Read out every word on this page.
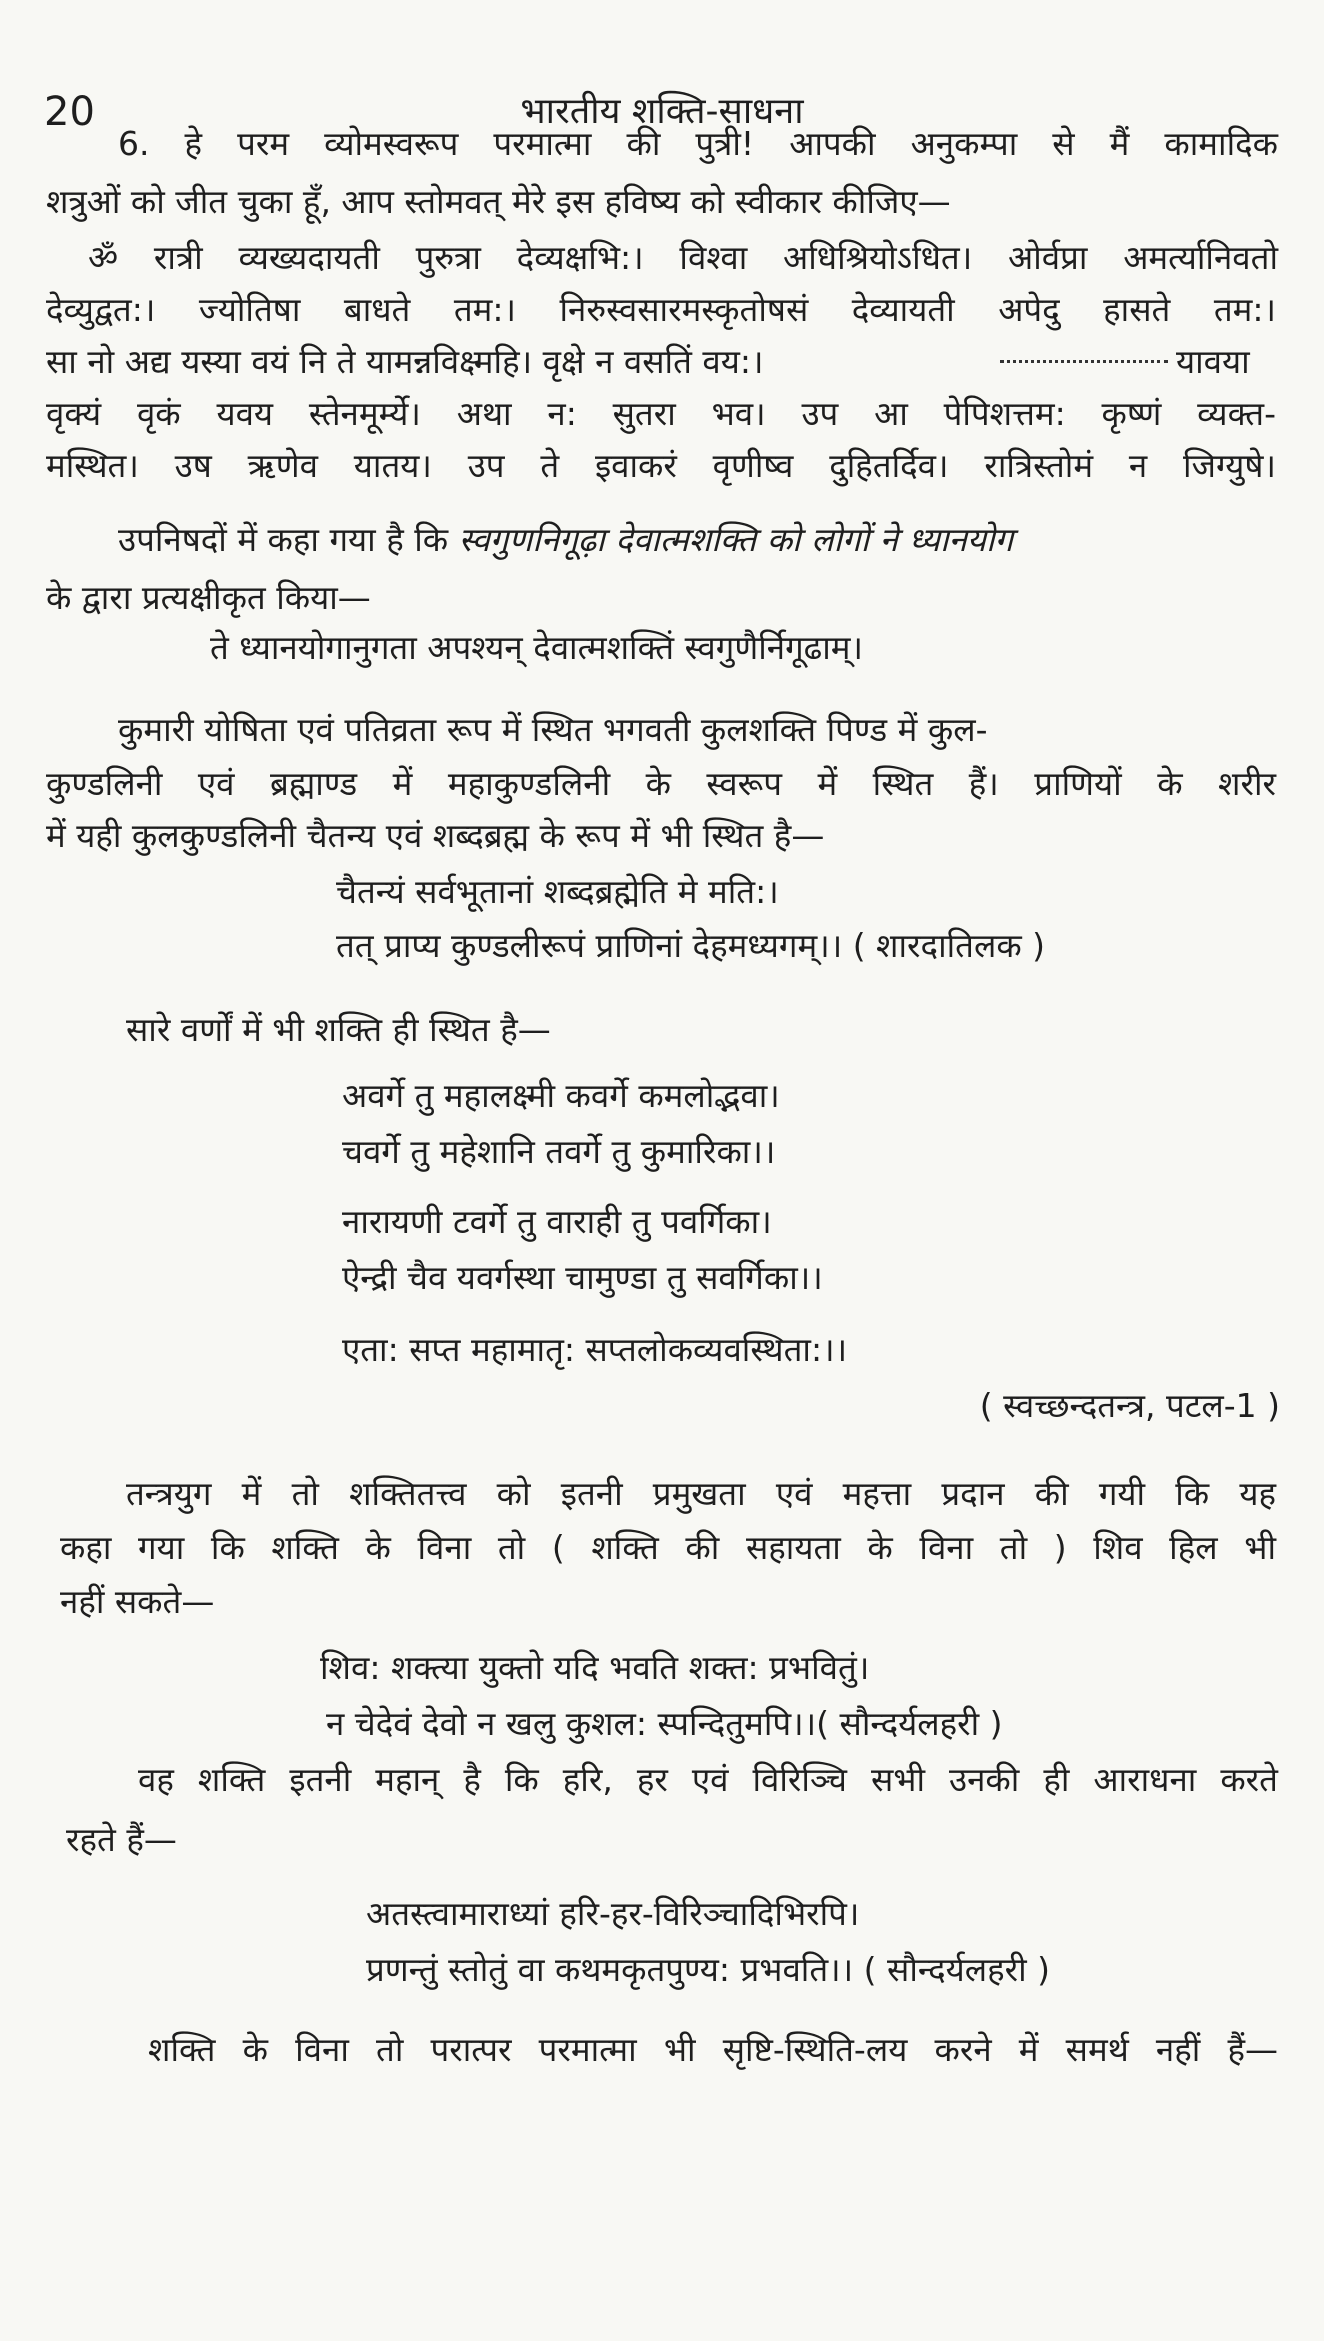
20	भारतीय शक्ति-साधना
6. हे परम व्योमस्वरूप परमात्मा की पुत्री! आपकी अनुकम्पा से मैं कामादिक
शत्रुओं को जीत चुका हूँ, आप स्तोमवत् मेरे इस हविष्य को स्वीकार कीजिए—
ॐ रात्री व्यख्यदायती पुरुत्रा देव्यक्षभि:। विश्वा अधिश्रियोऽधित। ओर्वप्रा अमर्त्यानिवतो
देव्युद्वत:। ज्योतिषा बाधते तम:। निरुस्वसारमस्कृतोषसं देव्यायती अपेदु हासते तम:।
सा नो अद्य यस्या वयं नि ते यामन्नविक्ष्महि। वृक्षे न वसतिं वय:।	यावया
वृक्यं वृकं यवय स्तेनमूर्म्ये। अथा न: सुतरा भव। उप आ पेपिशत्तम: कृष्णं व्यक्त-
मस्थित। उष ऋणेव यातय। उप ते इवाकरं वृणीष्व दुहितर्दिव। रात्रिस्तोमं न जिग्युषे।
उपनिषदों में कहा गया है कि स्वगुणनिगूढ़ा देवात्मशक्ति को लोगों ने ध्यानयोग
के द्वारा प्रत्यक्षीकृत किया—
ते ध्यानयोगानुगता अपश्यन् देवात्मशक्तिं स्वगुणैर्निगूढाम्।
कुमारी योषिता एवं पतिव्रता रूप में स्थित भगवती कुलशक्ति पिण्ड में कुल-
कुण्डलिनी एवं ब्रह्माण्ड में महाकुण्डलिनी के स्वरूप में स्थित हैं। प्राणियों के शरीर
में यही कुलकुण्डलिनी चैतन्य एवं शब्दब्रह्म के रूप में भी स्थित है—
चैतन्यं सर्वभूतानां शब्दब्रह्मेति मे मति:।
तत् प्राप्य कुण्डलीरूपं प्राणिनां देहमध्यगम्।। ( शारदातिलक )
सारे वर्णों में भी शक्ति ही स्थित है—
अवर्गे तु महालक्ष्मी कवर्गे कमलोद्भवा।
चवर्गे तु महेशानि तवर्गे तु कुमारिका।।
नारायणी टवर्गे तु वाराही तु पवर्गिका।
ऐन्द्री चैव यवर्गस्था चामुण्डा तु सवर्गिका।।
एता: सप्त महामातृ: सप्तलोकव्यवस्थिता:।।
( स्वच्छन्दतन्त्र, पटल-1 )
तन्त्रयुग में तो शक्तितत्त्व को इतनी प्रमुखता एवं महत्ता प्रदान की गयी कि यह
कहा गया कि शक्ति के विना तो ( शक्ति की सहायता के विना तो ) शिव हिल भी
नहीं सकते—
शिव: शक्त्या युक्तो यदि भवति शक्त: प्रभवितुं।
न चेदेवं देवो न खलु कुशल: स्पन्दितुमपि।।( सौन्दर्यलहरी )
वह शक्ति इतनी महान् है कि हरि, हर एवं विरिञ्चि सभी उनकी ही आराधना करते
रहते हैं—
अतस्त्वामाराध्यां हरि-हर-विरिञ्चादिभिरपि।
प्रणन्तुं स्तोतुं वा कथमकृतपुण्य: प्रभवति।। ( सौन्दर्यलहरी )
शक्ति के विना तो परात्पर परमात्मा भी सृष्टि-स्थिति-लय करने में समर्थ नहीं हैं—
